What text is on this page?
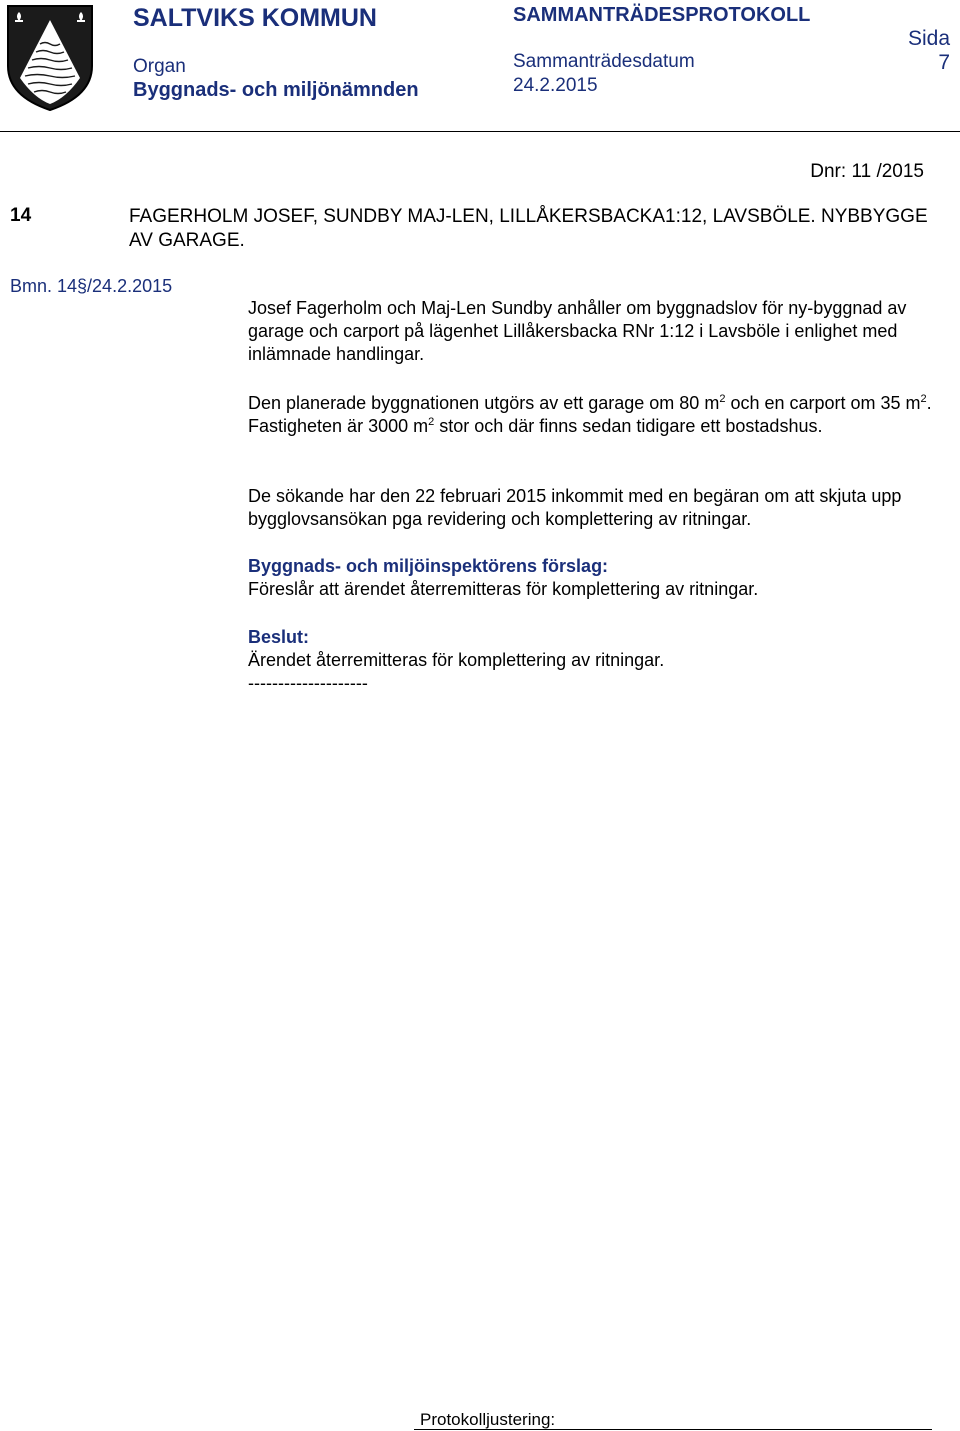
SALTVIKS KOMMUN
Organ
Byggnads- och miljönämnden
SAMMANTRÄDESPROTOKOLL
Sammanträdesdatum
24.2.2015
Sida
7
Dnr: 11 /2015
14	FAGERHOLM JOSEF, SUNDBY MAJ-LEN, LILLÅKERSBACKA1:12, LAVSBÖLE. NYBBYGGE AV GARAGE.
Bmn. 14§/24.2.2015

Josef Fagerholm och Maj-Len Sundby anhåller om byggnadslov för ny-byggnad av garage och carport på lägenhet Lillåkersbacka RNr 1:12 i Lavsböle i enlighet med inlämnade handlingar.

Den planerade byggnationen utgörs av ett garage om 80 $m^2$ och en carport om 35 $m^2$.

Fastigheten är 3000 $m^2$ stor och där finns sedan tidigare ett bostadshus.

De sökande har den 22 februari 2015 inkommit med en begäran om att skjuta upp bygglovsansökan pga revidering och komplettering av ritningar.

Byggnads- och miljöinspektörens förslag:

Föreslår att ärendet återremitteras för komplettering av ritningar.

Beslut:

Ärendet återremitteras för komplettering av ritningar.

--------------------

Protokolljustering:
